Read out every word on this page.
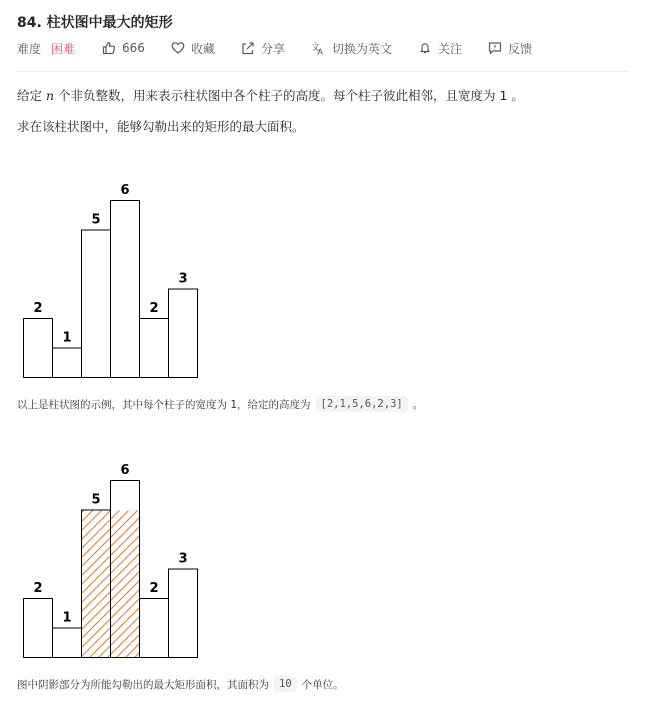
84. 柱状图中最大的矩形
难度 困难	666	收藏	分享	文
A 切换为英文	关注	反馈
给定 n 个非负整数，用来表示柱状图中各个柱子的高度。每个柱子彼此相邻，且宽度为 1 。
求在该柱状图中，能够勾勒出来的矩形的最大面积。
2
1
5
6
2
3
以上是柱状图的示例，其中每个柱子的宽度为 1，给定的高度为 [2,1,5,6,2,3] 。
2
1
5
6
2
3
图中阴影部分为所能勾勒出的最大矩形面积，其面积为 10 个单位。
